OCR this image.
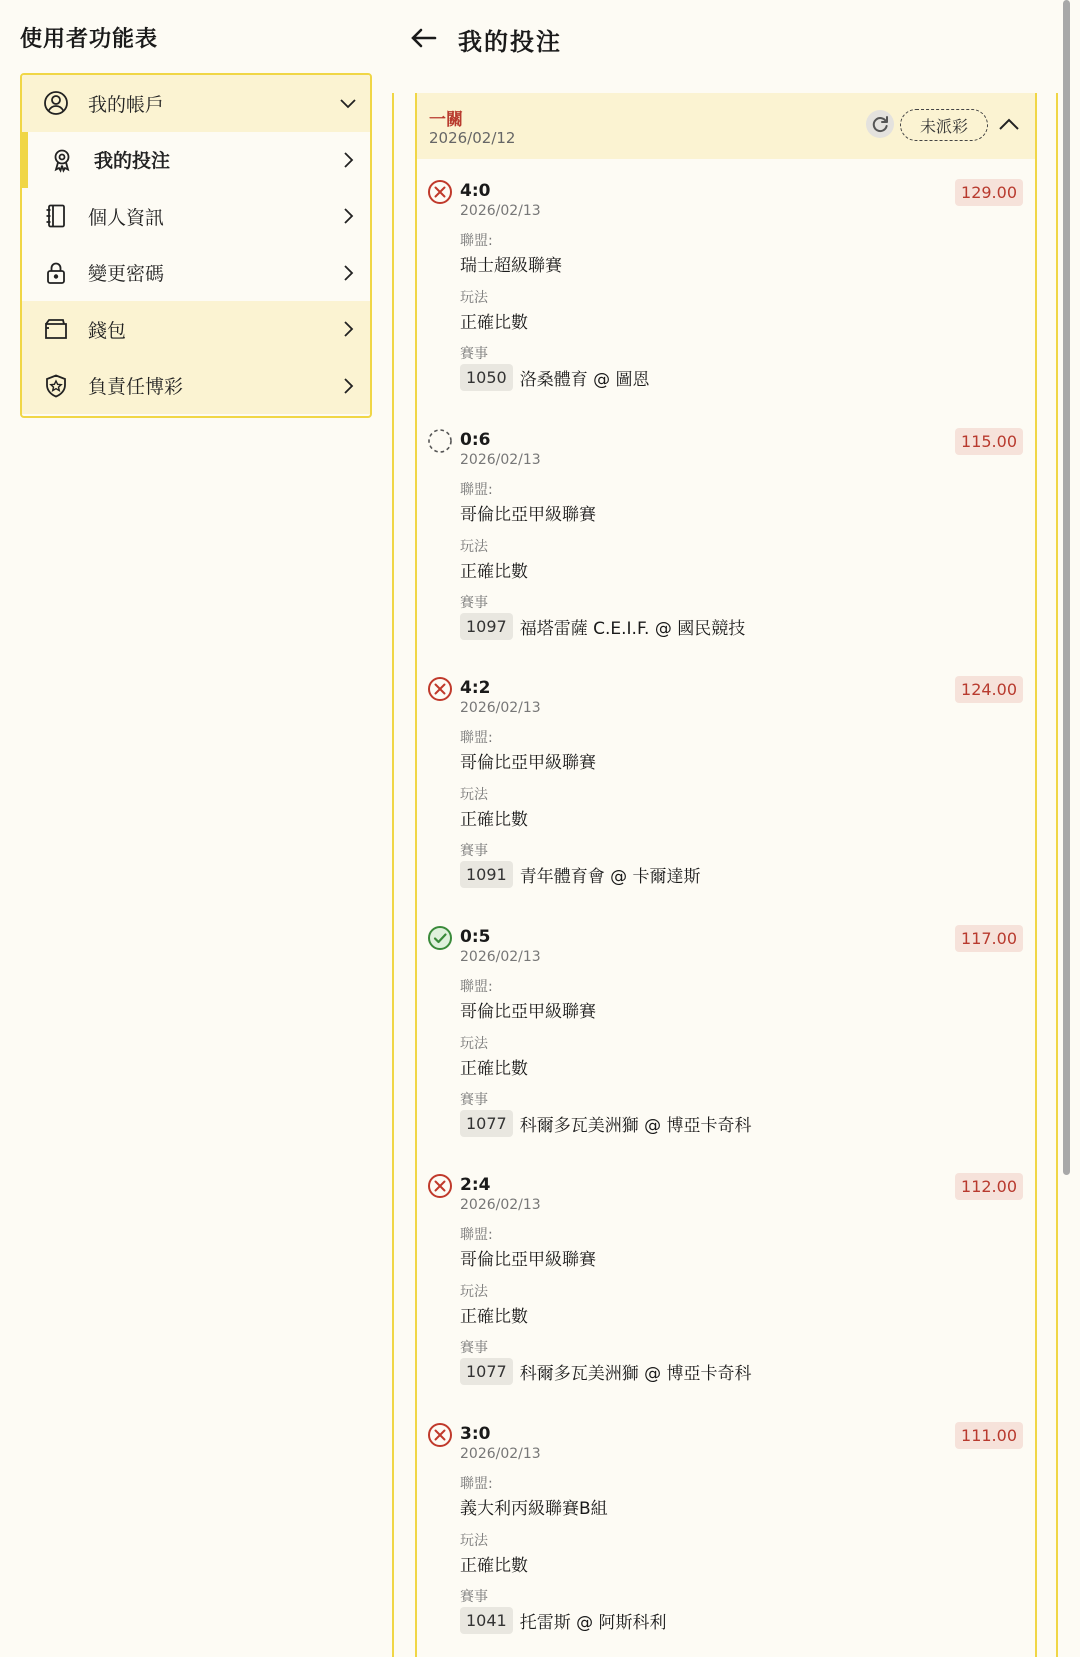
使用者功能表
我的帳戶
我的投注
個人資訊
變更密碼
錢包
負責任博彩
我的投注
一關
2026/02/12
未派彩
4:0
2026/02/13
129.00
聯盟:
瑞士超級聯賽
玩法
正確比數
賽事
1050 洛桑體育 @ 圖恩
0:6
2026/02/13
115.00
聯盟:
哥倫比亞甲級聯賽
玩法
正確比數
賽事
1097 福塔雷薩 C.E.I.F. @ 國民競技
4:2
2026/02/13
124.00
聯盟:
哥倫比亞甲級聯賽
玩法
正確比數
賽事
1091 青年體育會 @ 卡爾達斯
0:5
2026/02/13
117.00
聯盟:
哥倫比亞甲級聯賽
玩法
正確比數
賽事
1077 科爾多瓦美洲獅 @ 博亞卡奇科
2:4
2026/02/13
112.00
聯盟:
哥倫比亞甲級聯賽
玩法
正確比數
賽事
1077 科爾多瓦美洲獅 @ 博亞卡奇科
3:0
2026/02/13
111.00
聯盟:
義大利丙級聯賽B組
玩法
正確比數
賽事
1041 托雷斯 @ 阿斯科利
